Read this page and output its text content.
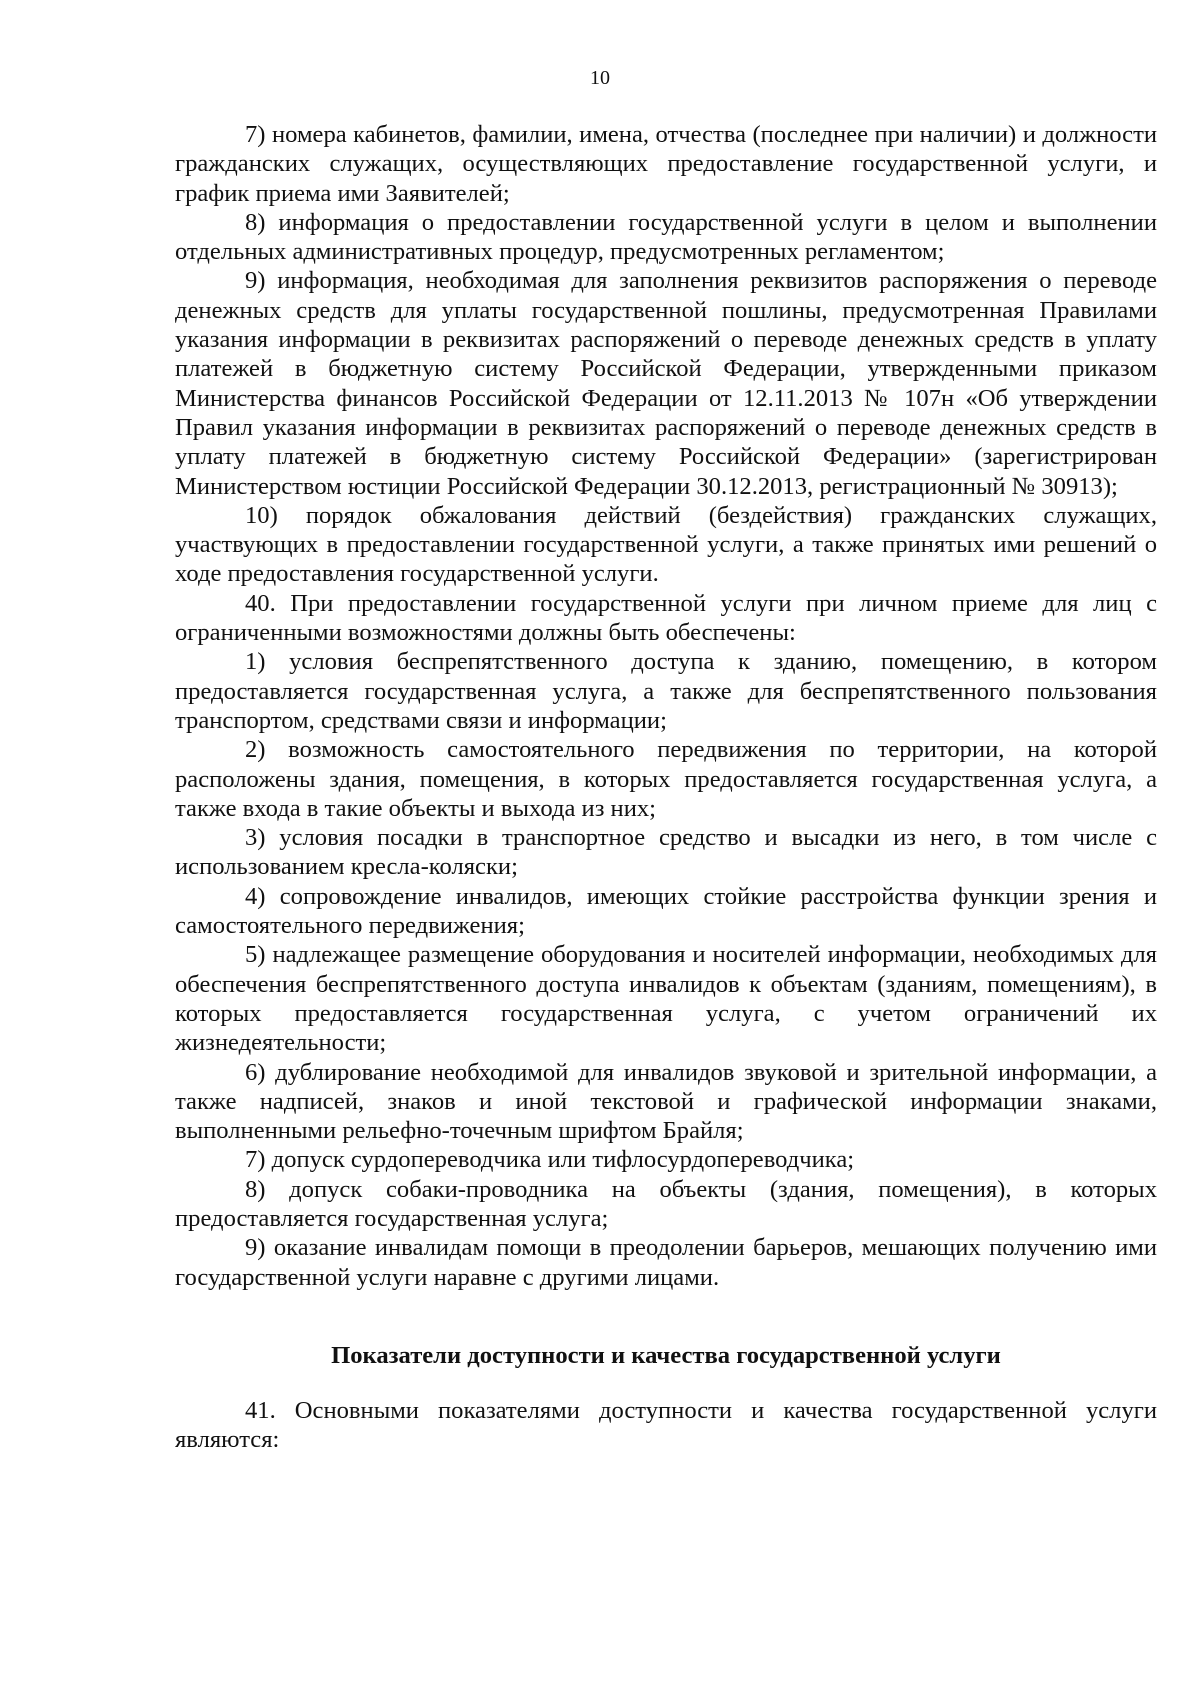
10

7) номера кабинетов, фамилии, имена, отчества (последнее при наличии) и должности гражданских служащих, осуществляющих предоставление государственной услуги, и график приема ими Заявителей;

8) информация о предоставлении государственной услуги в целом и выполнении отдельных административных процедур, предусмотренных регламентом;

9) информация, необходимая для заполнения реквизитов распоряжения о переводе денежных средств для уплаты государственной пошлины, предусмотренная Правилами указания информации в реквизитах распоряжений о переводе денежных средств в уплату платежей в бюджетную систему Российской Федерации, утвержденными приказом Министерства финансов Российской Федерации от 12.11.2013 № 107н «Об утверждении Правил указания информации в реквизитах распоряжений о переводе денежных средств в уплату платежей в бюджетную систему Российской Федерации» (зарегистрирован Министерством юстиции Российской Федерации 30.12.2013, регистрационный № 30913);

10) порядок обжалования действий (бездействия) гражданских служащих, участвующих в предоставлении государственной услуги, а также принятых ими решений о ходе предоставления государственной услуги.

40. При предоставлении государственной услуги при личном приеме для лиц с ограниченными возможностями должны быть обеспечены:

1) условия беспрепятственного доступа к зданию, помещению, в котором предоставляется государственная услуга, а также для беспрепятственного пользования транспортом, средствами связи и информации;

2) возможность самостоятельного передвижения по территории, на которой расположены здания, помещения, в которых предоставляется государственная услуга, а также входа в такие объекты и выхода из них;

3) условия посадки в транспортное средство и высадки из него, в том числе с использованием кресла-коляски;

4) сопровождение инвалидов, имеющих стойкие расстройства функции зрения и самостоятельного передвижения;

5) надлежащее размещение оборудования и носителей информации, необходимых для обеспечения беспрепятственного доступа инвалидов к объектам (зданиям, помещениям), в которых предоставляется государственная услуга, с учетом ограничений их жизнедеятельности;

6) дублирование необходимой для инвалидов звуковой и зрительной информации, а также надписей, знаков и иной текстовой и графической информации знаками, выполненными рельефно-точечным шрифтом Брайля;

7) допуск сурдопереводчика или тифлосурдопереводчика;

8) допуск собаки-проводника на объекты (здания, помещения), в которых предоставляется государственная услуга;

9) оказание инвалидам помощи в преодолении барьеров, мешающих получению ими государственной услуги наравне с другими лицами.

Показатели доступности и качества государственной услуги

41. Основными показателями доступности и качества государственной услуги являются:
